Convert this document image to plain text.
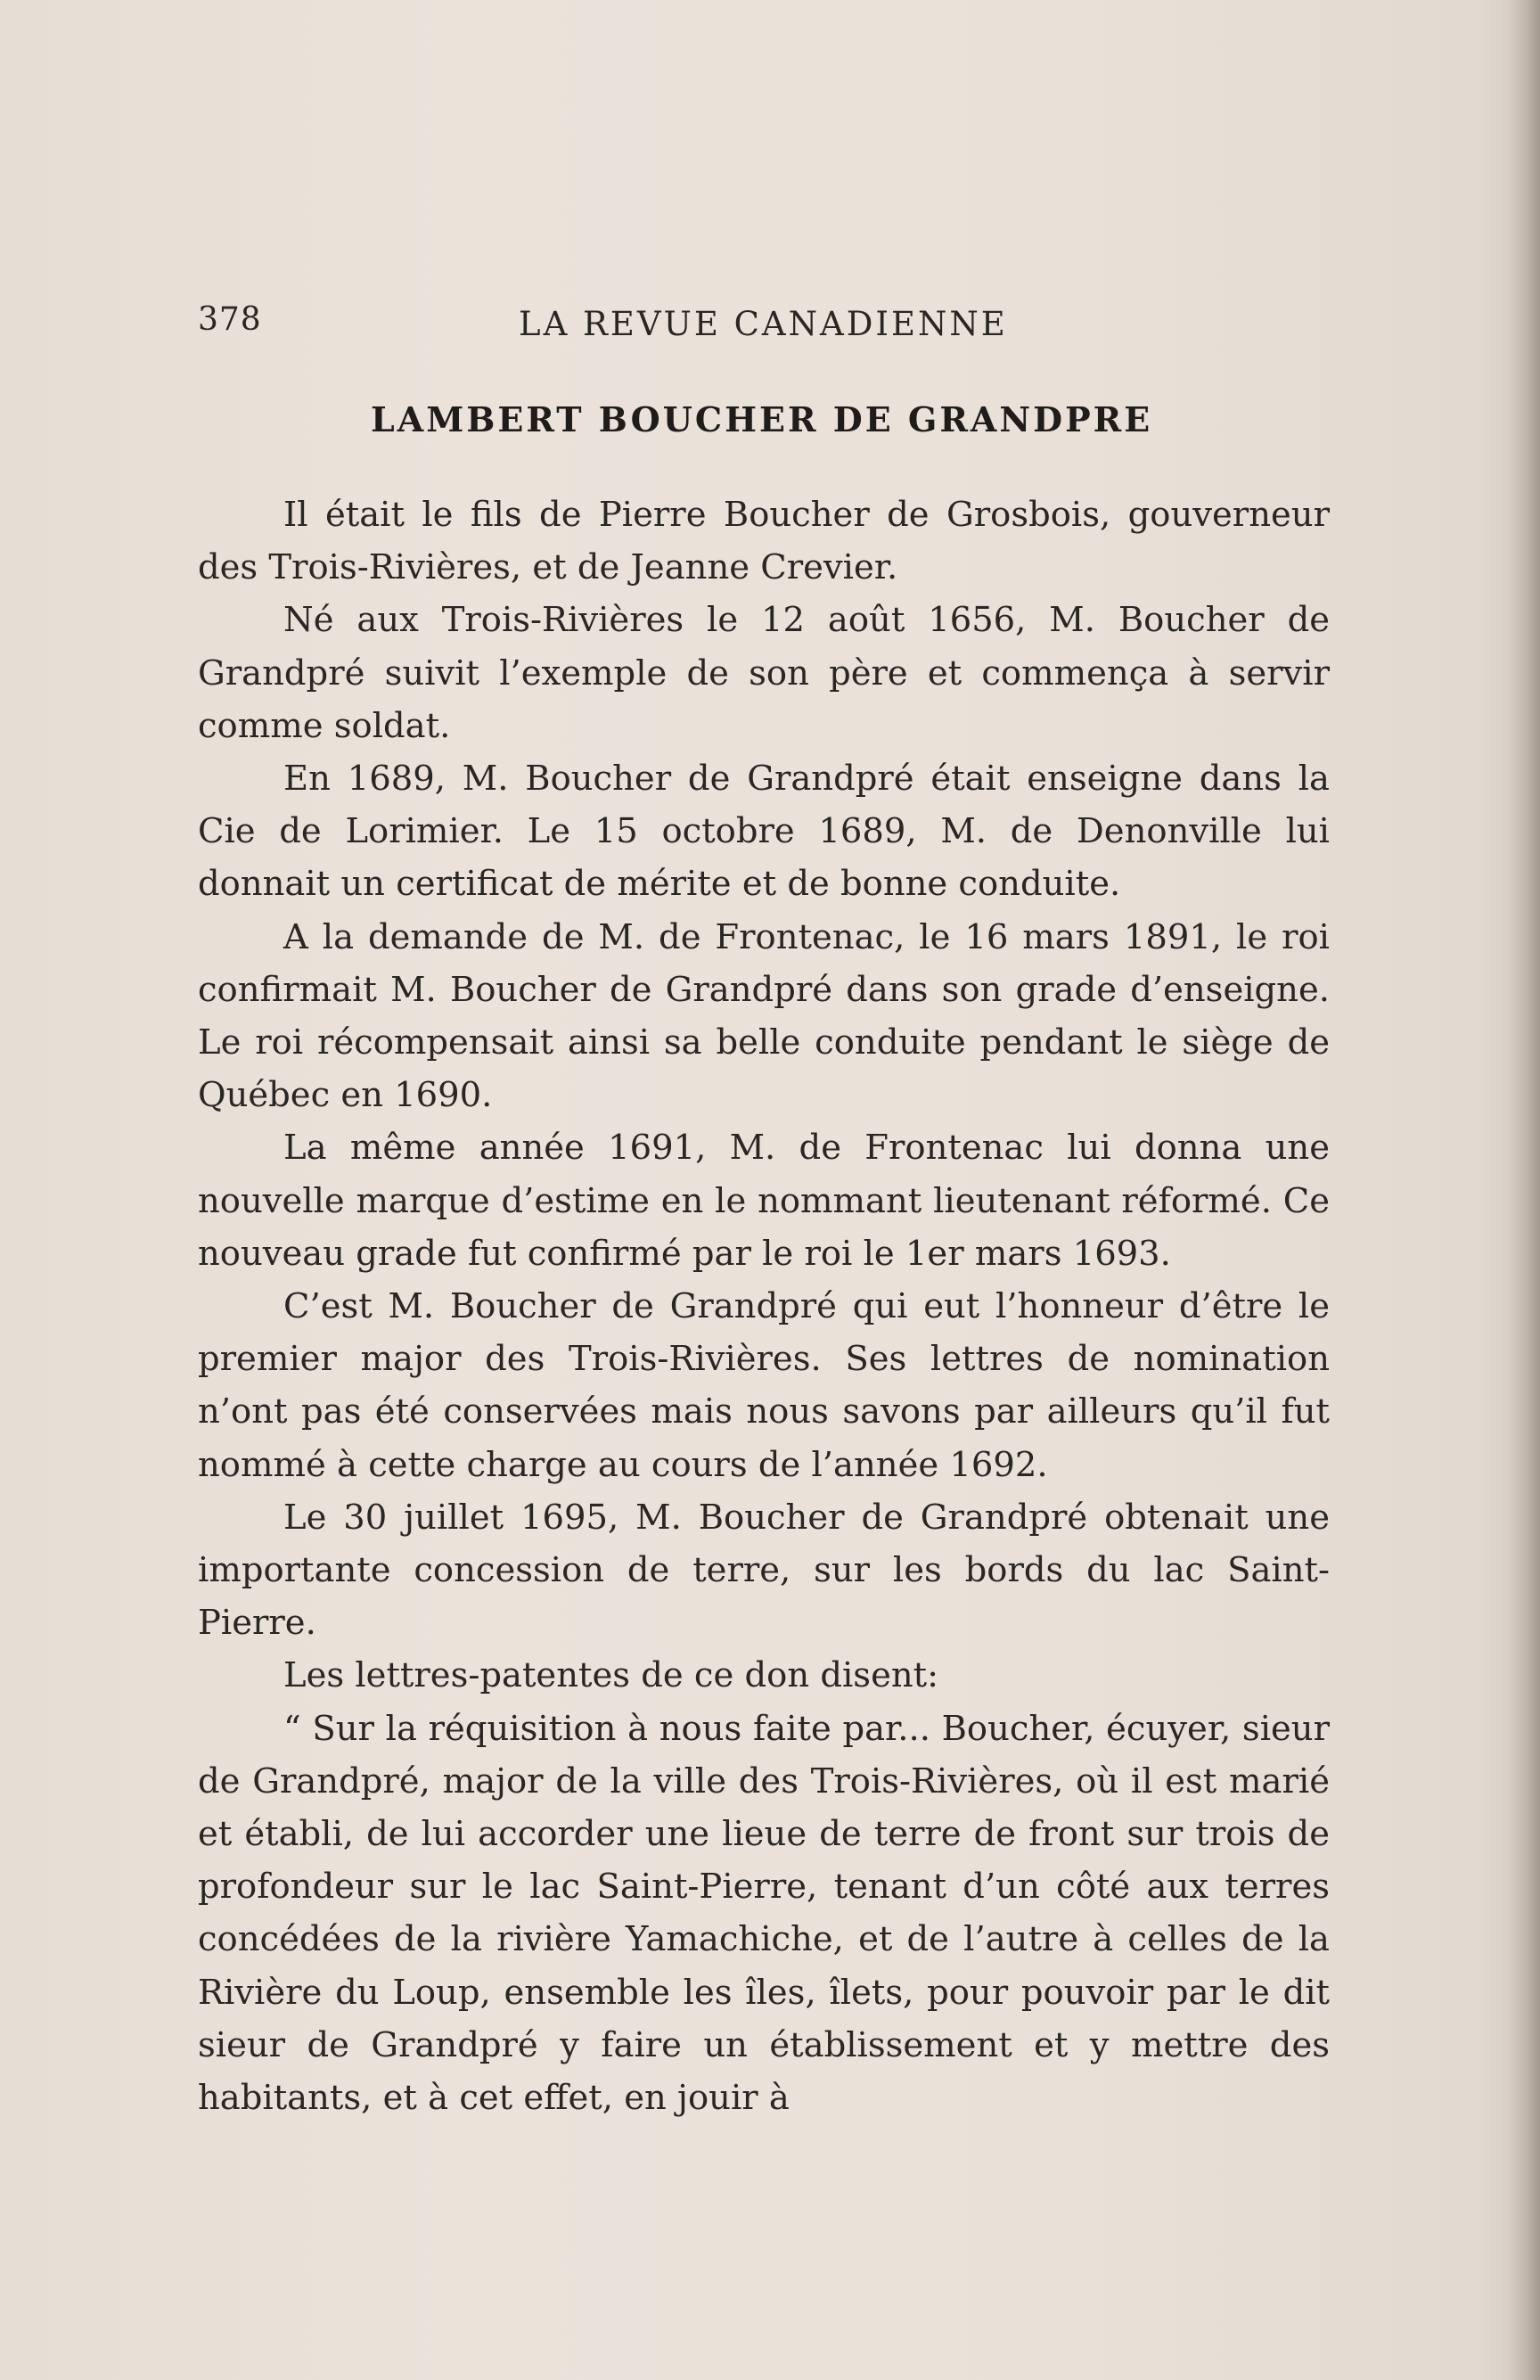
378	LA REVUE CANADIENNE
LAMBERT BOUCHER DE GRANDPRE

Il était le fils de Pierre Boucher de Grosbois, gouverneur des Trois-Rivières, et de Jeanne Crevier.

Né aux Trois-Rivières le 12 août 1656, M. Boucher de Grandpré suivit l’exemple de son père et commença à servir comme soldat.

En 1689, M. Boucher de Grandpré était enseigne dans la Cie de Lorimier. Le 15 octobre 1689, M. de Denonville lui donnait un certificat de mérite et de bonne conduite.

A la demande de M. de Frontenac, le 16 mars 1891, le roi confirmait M. Boucher de Grandpré dans son grade d’enseigne. Le roi récompensait ainsi sa belle conduite pendant le siège de Québec en 1690.

La même année 1691, M. de Frontenac lui donna une nouvelle marque d’estime en le nommant lieutenant réformé. Ce nouveau grade fut confirmé par le roi le 1er mars 1693.

C’est M. Boucher de Grandpré qui eut l’honneur d’être le premier major des Trois-Rivières. Ses lettres de nomination n’ont pas été conservées mais nous savons par ailleurs qu’il fut nommé à cette charge au cours de l’année 1692.

Le 30 juillet 1695, M. Boucher de Grandpré obtenait une importante concession de terre, sur les bords du lac Saint-Pierre.

Les lettres-patentes de ce don disent:

“ Sur la réquisition à nous faite par... Boucher, écuyer, sieur de Grandpré, major de la ville des Trois-Rivières, où il est marié et établi, de lui accorder une lieue de terre de front sur trois de profondeur sur le lac Saint-Pierre, tenant d’un côté aux terres concédées de la rivière Yamachiche, et de l’autre à celles de la Rivière du Loup, ensemble les îles, îlets, pour pouvoir par le dit sieur de Grandpré y faire un établissement et y mettre des habitants, et à cet effet, en jouir à
